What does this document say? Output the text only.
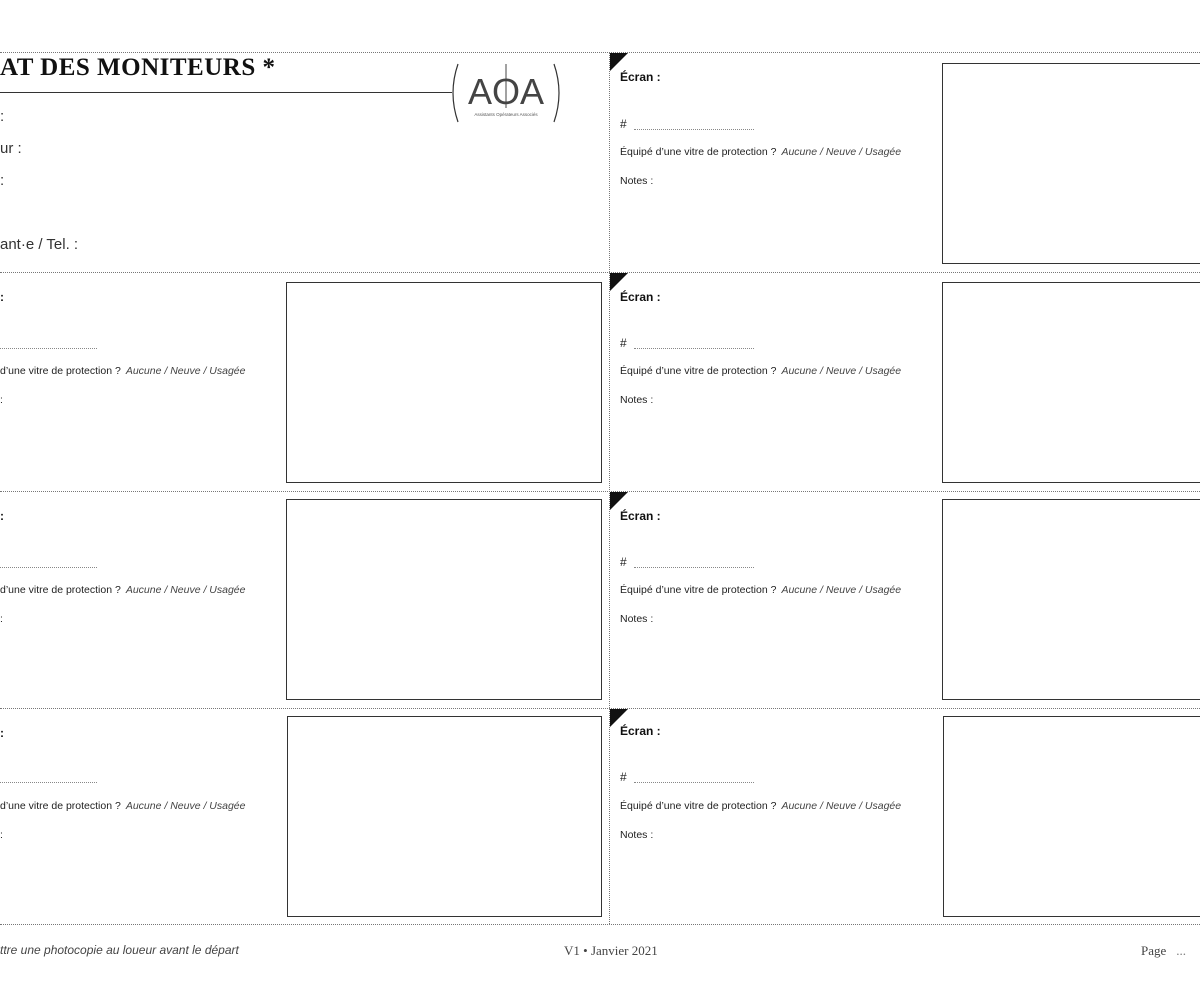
AT DES MONITEURS *
AOA
Assistants Opérateurs Associés
:
ur :
:
ant·e / Tel. :
:
d’une vitre de protection ? Aucune / Neuve / Usagée
:
:
d’une vitre de protection ? Aucune / Neuve / Usagée
:
:
d’une vitre de protection ? Aucune / Neuve / Usagée
:
Écran :
#
Équipé d’une vitre de protection ? Aucune / Neuve / Usagée
Notes :
Écran :
#
Équipé d’une vitre de protection ? Aucune / Neuve / Usagée
Notes :
Écran :
#
Équipé d’une vitre de protection ? Aucune / Neuve / Usagée
Notes :
Écran :
#
Équipé d’une vitre de protection ? Aucune / Neuve / Usagée
Notes :
ttre une photocopie au loueur avant le départ	V1 • Janvier 2021	Page ...
